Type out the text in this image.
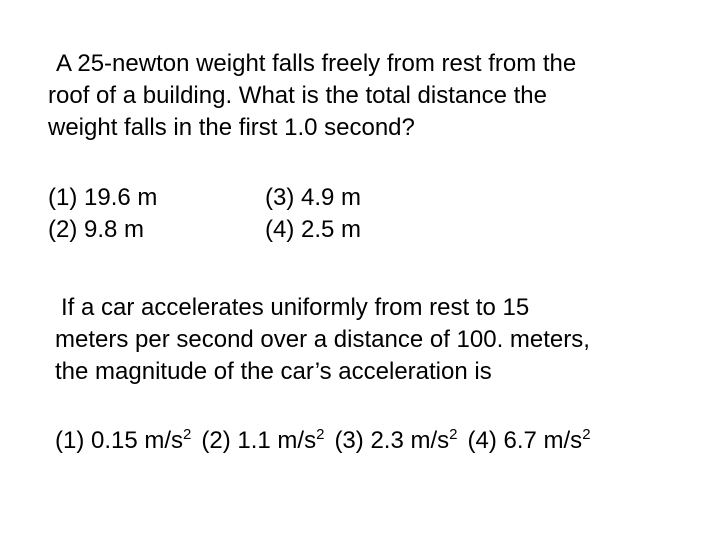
A 25-newton weight falls freely from rest from the
roof of a building. What is the total distance the
weight falls in the first 1.0 second?
(1) 19.6 m
(2) 9.8 m
(3) 4.9 m
(4) 2.5 m
If a car accelerates uniformly from rest to 15
meters per second over a distance of 100. meters,
the magnitude of the car’s acceleration is
(1) 0.15 $m/s^2$ (2) 1.1 $m/s^2$ (3) 2.3 $m/s^2$ (4) 6.7 $m/s^2$
